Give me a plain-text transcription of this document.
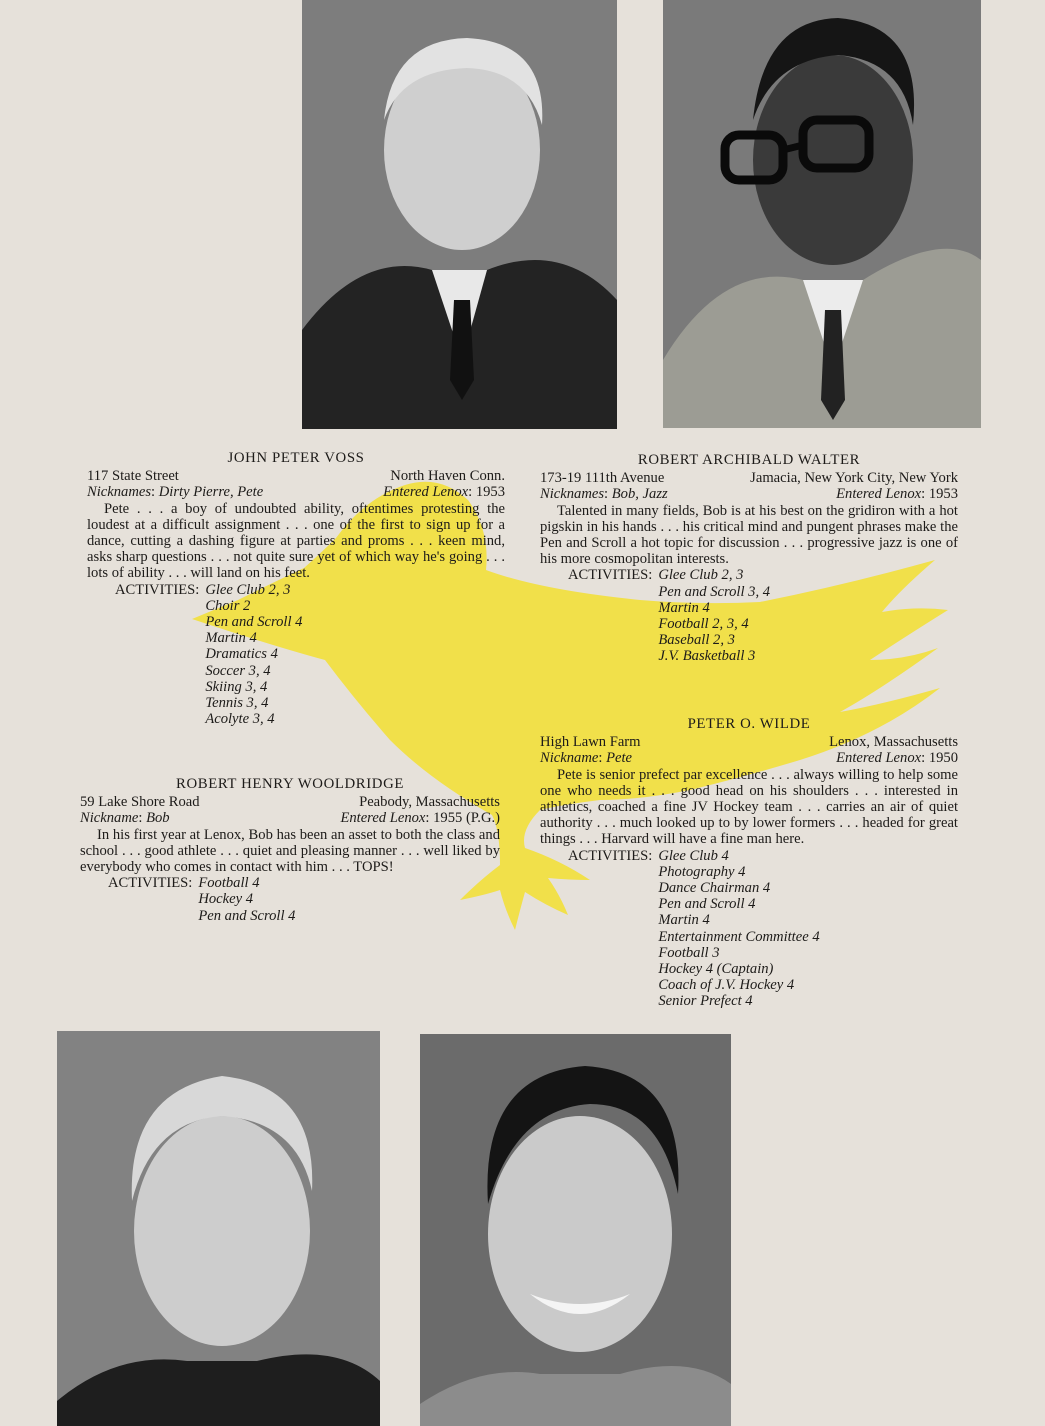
JOHN PETER VOSS
117 State Street	North Haven Conn.
Nicknames: Dirty Pierre, Pete	Entered Lenox: 1953
Pete . . . a boy of undoubted ability, oftentimes protesting the loudest at a difficult assignment . . . one of the first to sign up for a dance, cutting a dashing figure at parties and proms . . . keen mind, asks sharp questions . . . not quite sure yet of which way he's going . . . lots of ability . . . will land on his feet.
ACTIVITIES: Glee Club 2, 3
Choir 2
Pen and Scroll 4
Martin 4
Dramatics 4
Soccer 3, 4
Skiing 3, 4
Tennis 3, 4
Acolyte 3, 4
ROBERT ARCHIBALD WALTER
173-19 111th Avenue	Jamacia, New York City, New York
Nicknames: Bob, Jazz	Entered Lenox: 1953
Talented in many fields, Bob is at his best on the gridiron with a hot pigskin in his hands . . . his critical mind and pungent phrases make the Pen and Scroll a hot topic for discussion . . . progressive jazz is one of his more cosmopolitan interests.
ACTIVITIES: Glee Club 2, 3
Pen and Scroll 3, 4
Martin 4
Football 2, 3, 4
Baseball 2, 3
J.V. Basketball 3
PETER O. WILDE
High Lawn Farm	Lenox, Massachusetts
Nickname: Pete	Entered Lenox: 1950
Pete is senior prefect par excellence . . . always willing to help some one who needs it . . . good head on his shoulders . . . interested in athletics, coached a fine JV Hockey team . . . carries an air of quiet authority . . . much looked up to by lower formers . . . headed for great things . . . Harvard will have a fine man here.
ACTIVITIES: Glee Club 4
Photography 4
Dance Chairman 4
Pen and Scroll 4
Martin 4
Entertainment Committee 4
Football 3
Hockey 4 (Captain)
Coach of J.V. Hockey 4
Senior Prefect 4
ROBERT HENRY WOOLDRIDGE
59 Lake Shore Road	Peabody, Massachusetts
Nickname: Bob	Entered Lenox: 1955 (P.G.)
In his first year at Lenox, Bob has been an asset to both the class and school . . . good athlete . . . quiet and pleasing manner . . . well liked by everybody who comes in contact with him . . . TOPS!
ACTIVITIES: Football 4
Hockey 4
Pen and Scroll 4
